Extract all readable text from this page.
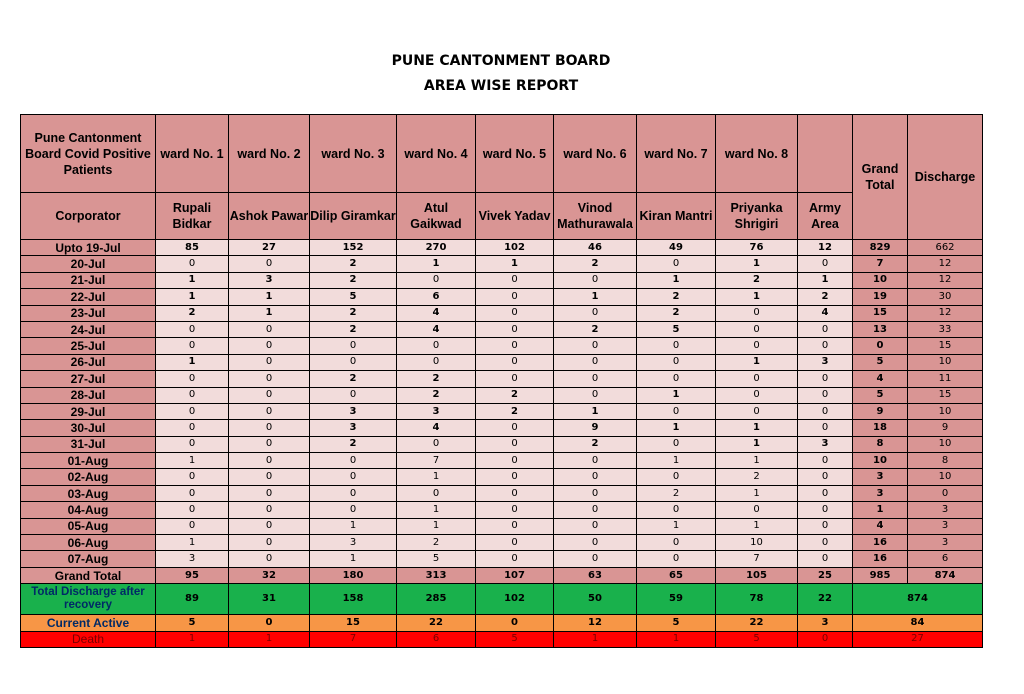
PUNE CANTONMENT BOARD
AREA WISE REPORT
Pune Cantonment Board Covid Positive Patients	ward No. 1	ward No. 2	ward No. 3	ward No. 4	ward No. 5	ward No. 6	ward No. 7	ward No. 8		Grand Total	Discharge
Corporator	Rupali Bidkar	Ashok Pawar	Dilip Giramkar	Atul Gaikwad	Vivek Yadav	Vinod Mathurawala	Kiran Mantri	Priyanka Shrigiri	Army Area		
Upto 19-Jul	85	27	152	270	102	46	49	76	12	829	662
20-Jul	0	0	2	1	1	2	0	1	0	7	12
21-Jul	1	3	2	0	0	0	1	2	1	10	12
22-Jul	1	1	5	6	0	1	2	1	2	19	30
23-Jul	2	1	2	4	0	0	2	0	4	15	12
24-Jul	0	0	2	4	0	2	5	0	0	13	33
25-Jul	0	0	0	0	0	0	0	0	0	0	15
26-Jul	1	0	0	0	0	0	0	1	3	5	10
27-Jul	0	0	2	2	0	0	0	0	0	4	11
28-Jul	0	0	0	2	2	0	1	0	0	5	15
29-Jul	0	0	3	3	2	1	0	0	0	9	10
30-Jul	0	0	3	4	0	9	1	1	0	18	9
31-Jul	0	0	2	0	0	2	0	1	3	8	10
01-Aug	1	0	0	7	0	0	1	1	0	10	8
02-Aug	0	0	0	1	0	0	0	2	0	3	10
03-Aug	0	0	0	0	0	0	2	1	0	3	0
04-Aug	0	0	0	1	0	0	0	0	0	1	3
05-Aug	0	0	1	1	0	0	1	1	0	4	3
06-Aug	1	0	3	2	0	0	0	10	0	16	3
07-Aug	3	0	1	5	0	0	0	7	0	16	6
Grand Total	95	32	180	313	107	63	65	105	25	985	874
Total Discharge after recovery	89	31	158	285	102	50	59	78	22	874	
Current Active	5	0	15	22	0	12	5	22	3	84	
Death	1	1	7	6	5	1	1	5	0	27	
